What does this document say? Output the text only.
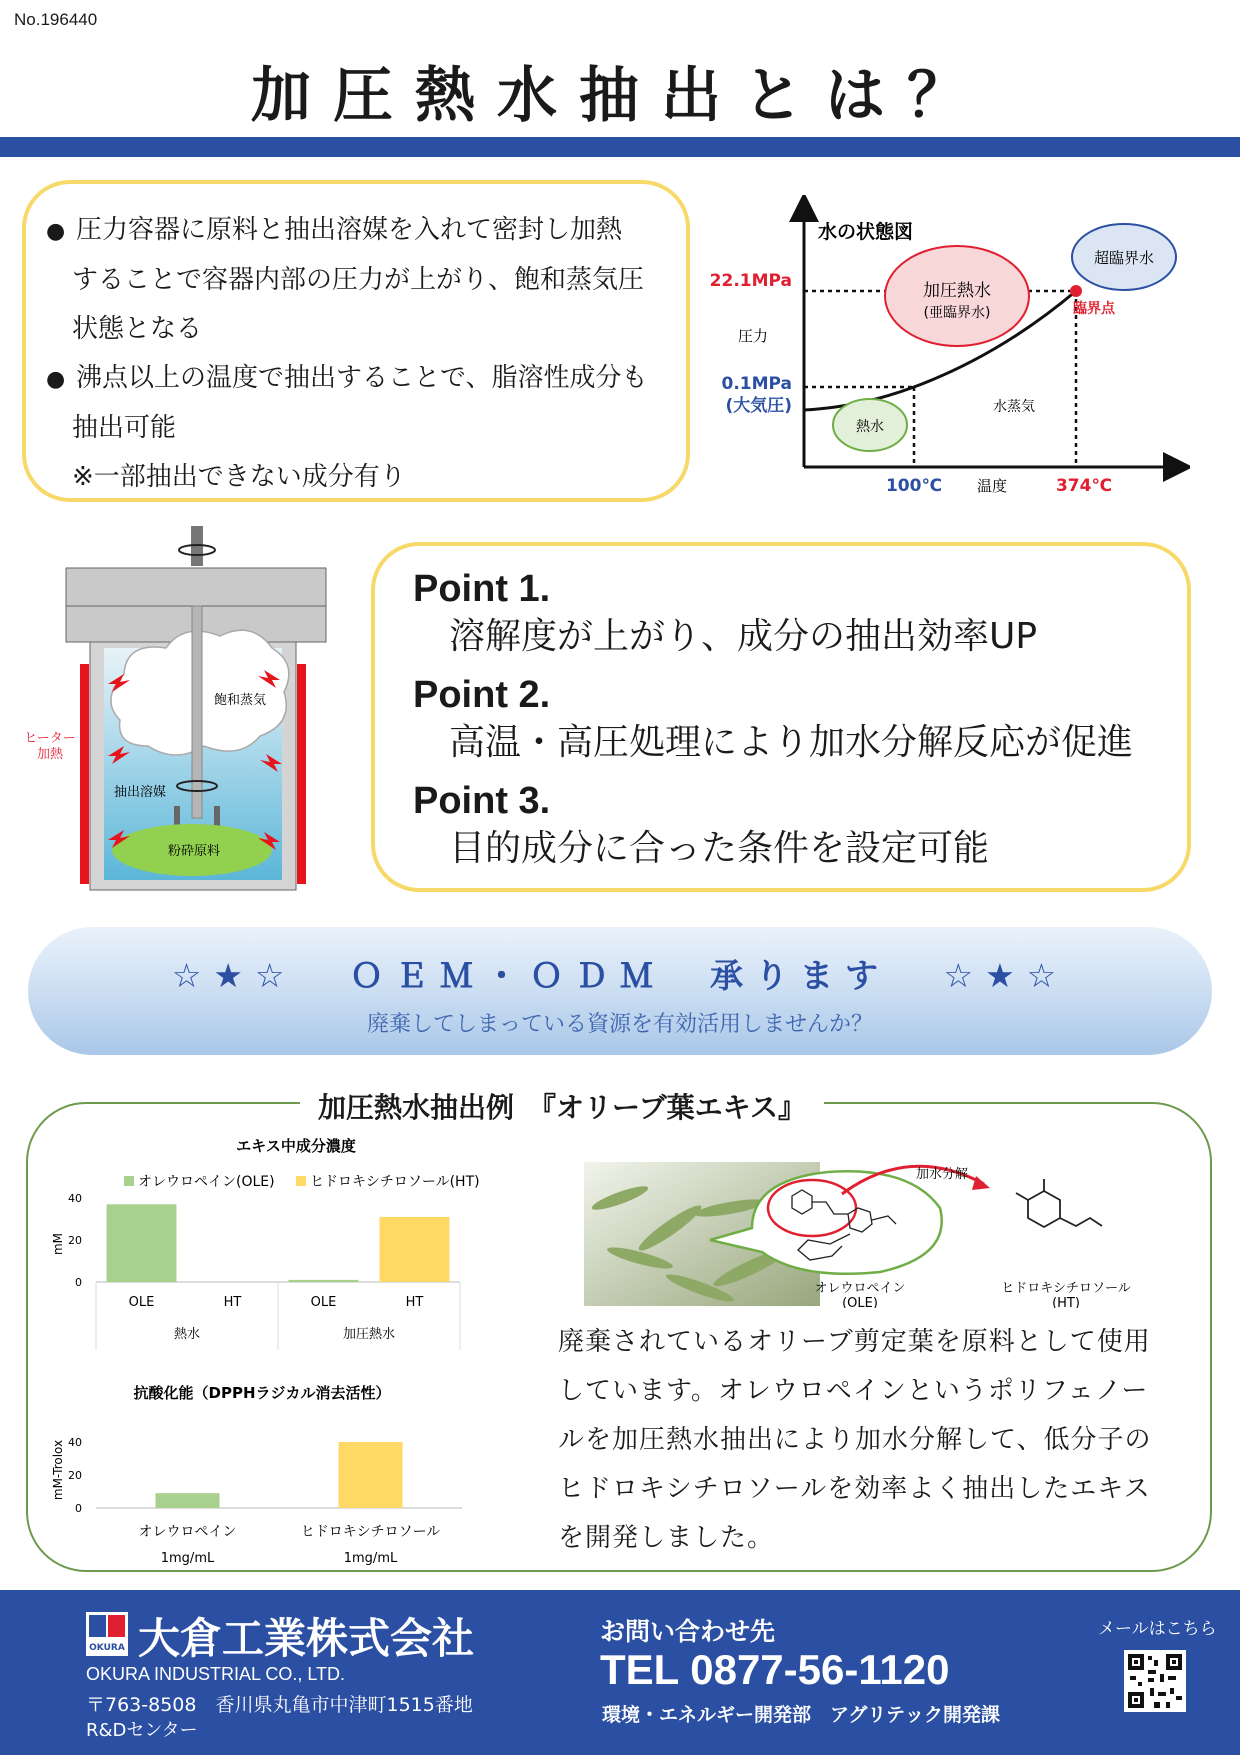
No.196440
加圧熱水抽出とは？

● 圧力容器に原料と抽出溶媒を入れて密封し加熱

することで容器内部の圧力が上がり、飽和蒸気圧

状態となる

● 沸点以上の温度で抽出することで、脂溶性成分も

抽出可能

※一部抽出できない成分有り

水の状態図
加圧熱水
(亜臨界水)
超臨界水
熱水
水蒸気
臨界点
圧力
22.1MPa
0.1MPa
(大気圧)
100℃ 温度	374℃
粉砕原料
抽出溶媒
飽和蒸気
ヒーター
加熱
Point 1.
溶解度が上がり、成分の抽出効率UP
Point 2.
高温・高圧処理により加水分解反応が促進
Point 3.
目的成分に合った条件を設定可能
☆★☆ ＯＥＭ・ＯＤＭ　承ります ☆★☆
廃棄してしまっている資源を有効活用しませんか？
加圧熱水抽出例　『オリーブ葉エキス』
エキス中成分濃度
オレウロペイン(OLE)	ヒドロキシチロソール(HT)
mM
0
20
40
OLE	HT	OLE	HT
熱水	加圧熱水
抗酸化能（DPPHラジカル消去活性）
mM-Trolox
0
20
40
オレウロペイン
1mg/mL
ヒドロキシチロソール
1mg/mL
加水分解
オレウロペイン
(OLE)
ヒドロキシチロソール
(HT)
廃棄されているオリーブ剪定葉を原料として使用
しています。オレウロペインというポリフェノー
ルを加圧熱水抽出により加水分解して、低分子の
ヒドロキシチロソールを効率よく抽出したエキス
を開発しました。
OKURA 大倉工業株式会社
OKURA INDUSTRIAL CO., LTD.
〒763-8508　香川県丸亀市中津町1515番地
R&Dセンター
お問い合わせ先
TEL 0877-56-1120
環境・エネルギー開発部　アグリテック開発課
メールはこちら
